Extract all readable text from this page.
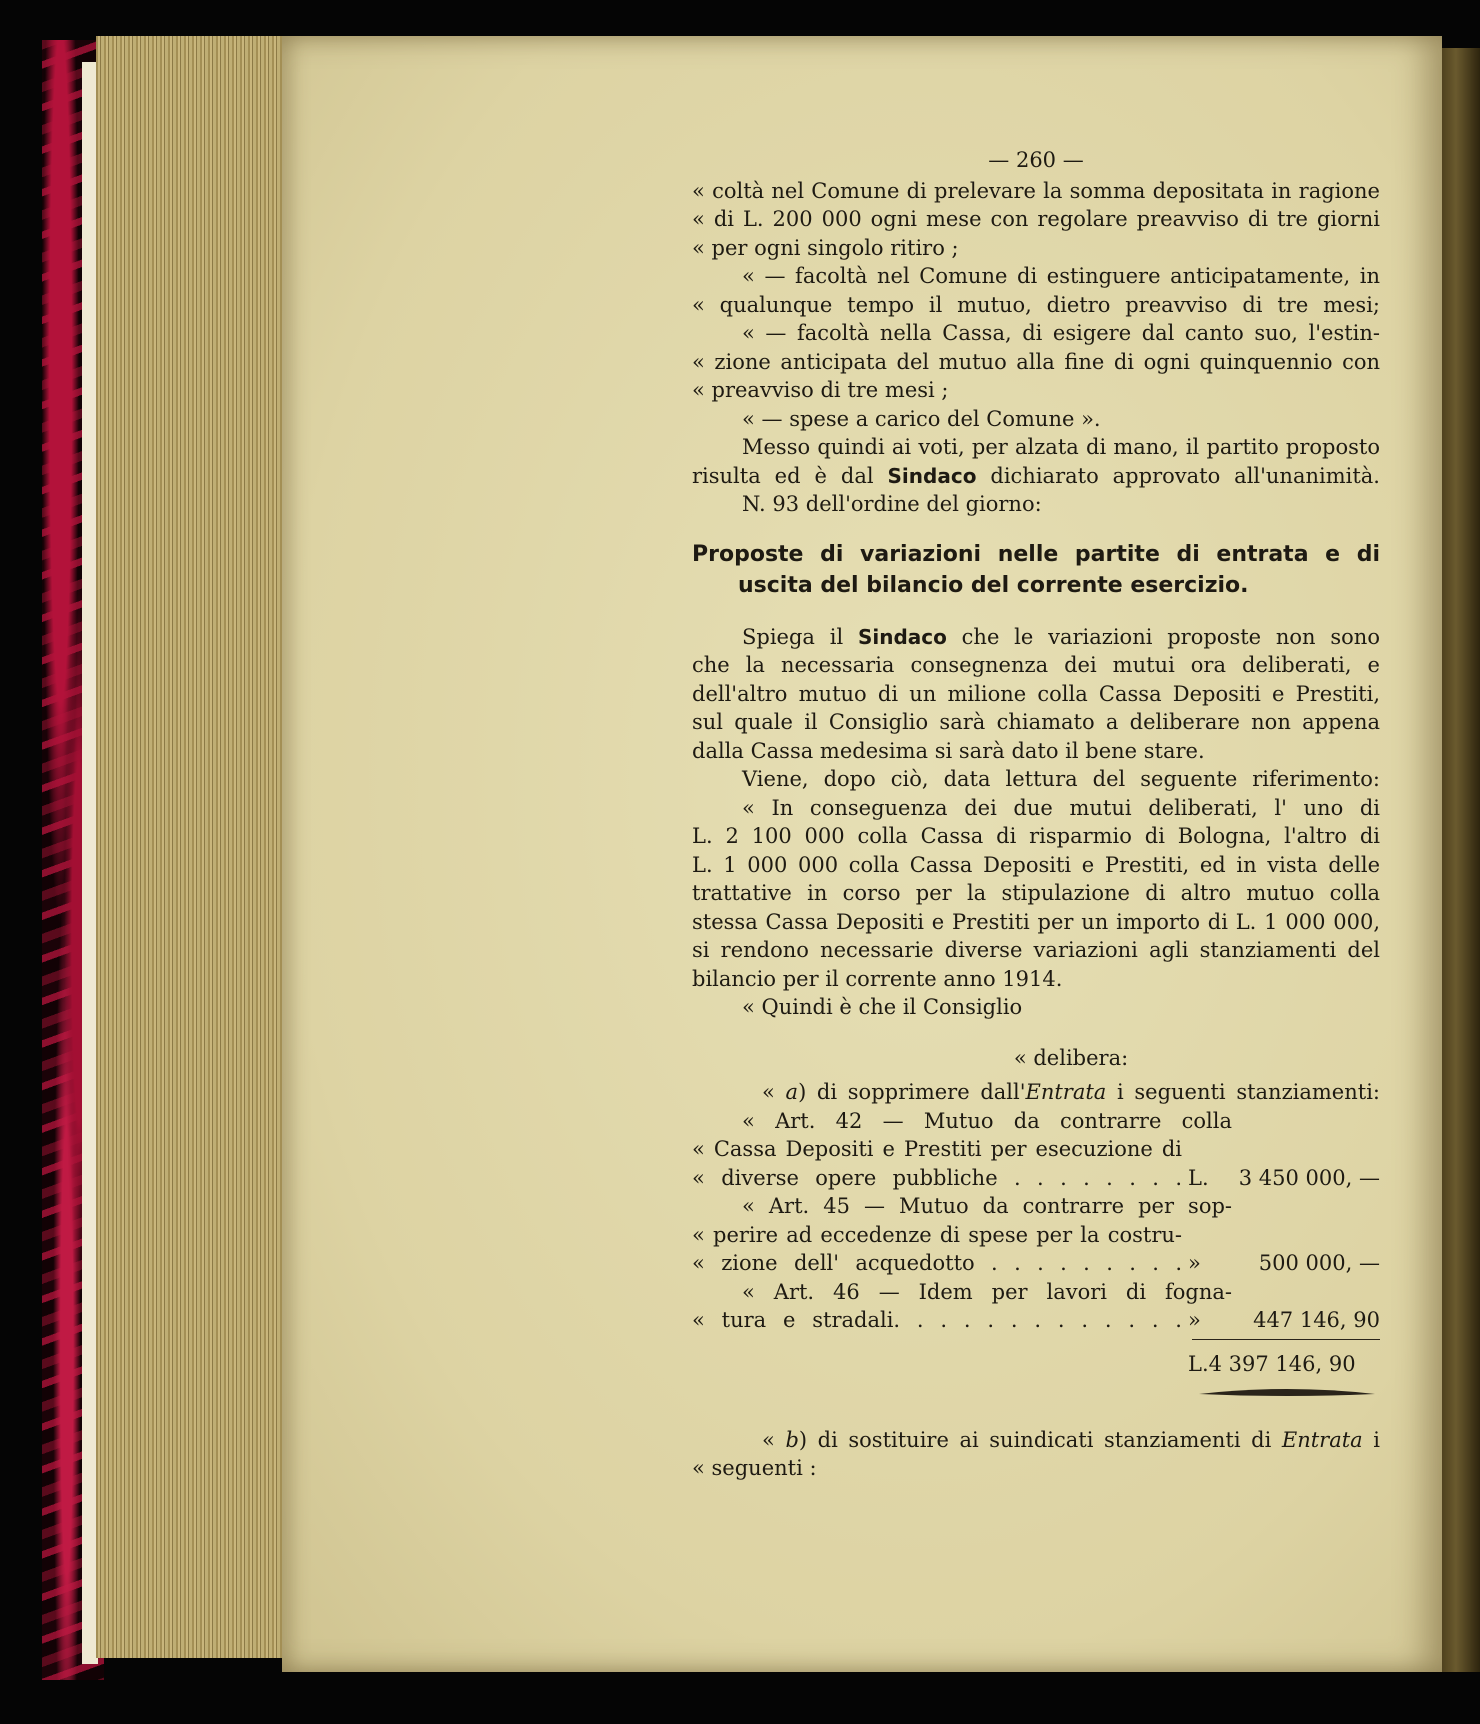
— 260 —
« coltà nel Comune di prelevare la somma depositata in ragione
« di L. 200 000 ogni mese con regolare preavviso di tre giorni
« per ogni singolo ritiro ;
« — facoltà nel Comune di estinguere anticipatamente, in
« qualunque tempo il mutuo, dietro preavviso di tre mesi;
« — facoltà nella Cassa, di esigere dal canto suo, l'estin-
« zione anticipata del mutuo alla fine di ogni quinquennio con
« preavviso di tre mesi ;
« — spese a carico del Comune ».
Messo quindi ai voti, per alzata di mano, il partito proposto
risulta ed è dal Sindaco dichiarato approvato all'unanimità.
N. 93 dell'ordine del giorno:
Proposte di variazioni nelle partite di entrata e di
uscita del bilancio del corrente esercizio.
Spiega il Sindaco che le variazioni proposte non sono
che la necessaria consegnenza dei mutui ora deliberati, e
dell'altro mutuo di un milione colla Cassa Depositi e Prestiti,
sul quale il Consiglio sarà chiamato a deliberare non appena
dalla Cassa medesima si sarà dato il bene stare.
Viene, dopo ciò, data lettura del seguente riferimento:
« In conseguenza dei due mutui deliberati, l' uno di
L. 2 100 000 colla Cassa di risparmio di Bologna, l'altro di
L. 1 000 000 colla Cassa Depositi e Prestiti, ed in vista delle
trattative in corso per la stipulazione di altro mutuo colla
stessa Cassa Depositi e Prestiti per un importo di L. 1 000 000,
si rendono necessarie diverse variazioni agli stanziamenti del
bilancio per il corrente anno 1914.
« Quindi è che il Consiglio
« delibera:
« a) di sopprimere dall'Entrata i seguenti stanziamenti:
« Art. 42 — Mutuo da contrarre colla
« Cassa Depositi e Prestiti per esecuzione di
« diverse opere pubbliche . . . . . . . . L.	3 450 000, —
« Art. 45 — Mutuo da contrarre per sop-
« perire ad eccedenze di spese per la costru-
« zione dell' acquedotto . . . . . . . . . »	500 000, —
« Art. 46 — Idem per lavori di fogna-
« tura e stradali. . . . . . . . . . . . . »	447 146, 90
L. 4 397 146, 90
« b) di sostituire ai suindicati stanziamenti di Entrata i
« seguenti :
